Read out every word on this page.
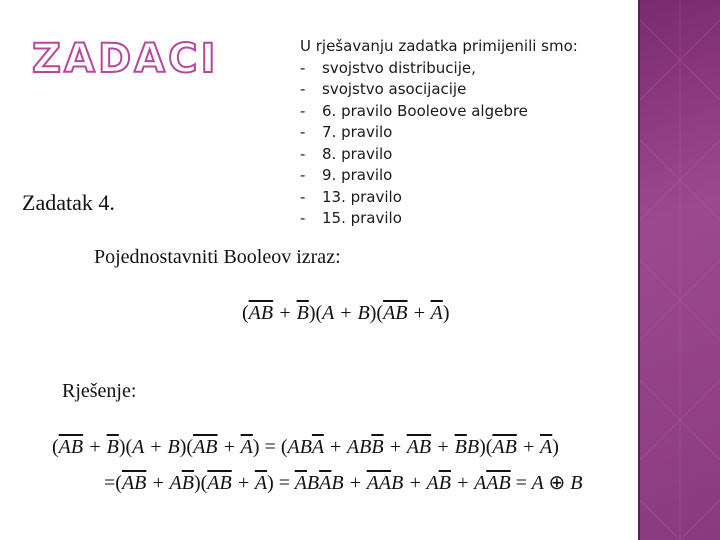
ZADACI	U rješavanju zadatka primijenili smo:
- svojstvo distribucije,
- svojstvo asocijacije
- 6. pravilo Booleove algebre
- 7. pravilo
- 8. pravilo
- 9. pravilo
- 13. pravilo
- 15. pravilo
Zadatak 4.
Pojednostavniti Booleov izraz:
$(\overline{AB} + \overline{B})(A + B)(\overline{AB} + \overline{A})$
Rješenje:
$(\overline{AB} + \overline{B})(A + B)(\overline{AB} + \overline{A}) = (AB\overline{A} + AB\overline{B} + \overline{AB} + \overline{B}B)(\overline{AB} + \overline{A})$
$=(\overline{AB} + A\overline{B})(\overline{AB} + \overline{A}) = \overline{A}B\overline{A}B + \overline{A}\overline{A}B + A\overline{B} + A\overline{A}\overline{B} = A$ ⊕ B
